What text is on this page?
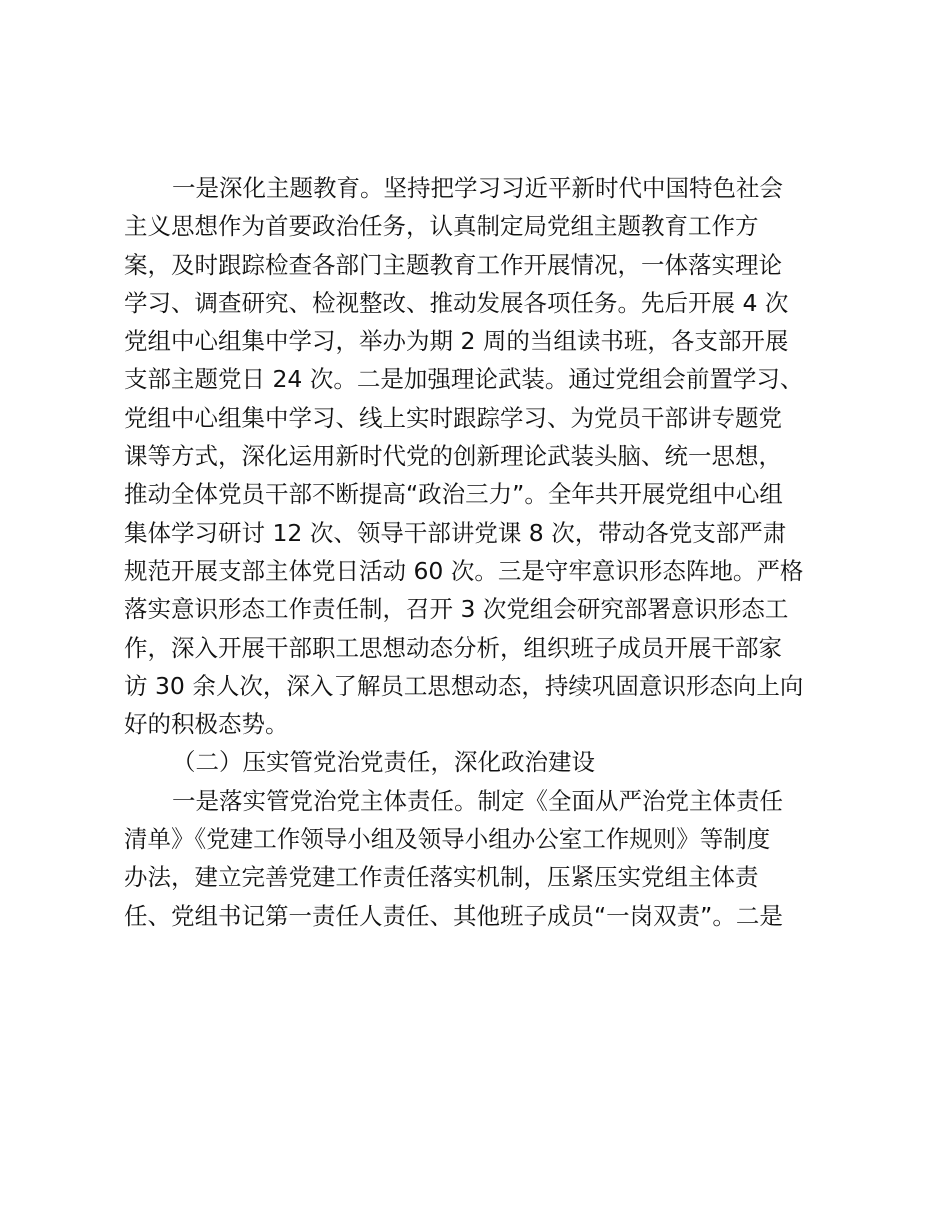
一是深化主题教育。坚持把学习习近平新时代中国特色社会
主义思想作为首要政治任务，认真制定局党组主题教育工作方
案，及时跟踪检查各部门主题教育工作开展情况，一体落实理论
学习、调查研究、检视整改、推动发展各项任务。先后开展 4 次
党组中心组集中学习，举办为期 2 周的当组读书班，各支部开展
支部主题党日 24 次。二是加强理论武装。通过党组会前置学习、
党组中心组集中学习、线上实时跟踪学习、为党员干部讲专题党
课等方式，深化运用新时代党的创新理论武装头脑、统一思想，
推动全体党员干部不断提高“政治三力”。全年共开展党组中心组
集体学习研讨 12 次、领导干部讲党课 8 次，带动各党支部严肃
规范开展支部主体党日活动 60 次。三是守牢意识形态阵地。严格
落实意识形态工作责任制，召开 3 次党组会研究部署意识形态工
作，深入开展干部职工思想动态分析，组织班子成员开展干部家
访 30 余人次，深入了解员工思想动态，持续巩固意识形态向上向
好的积极态势。
（二）压实管党治党责任，深化政治建设
一是落实管党治党主体责任。制定《全面从严治党主体责任
清单》《党建工作领导小组及领导小组办公室工作规则》等制度
办法，建立完善党建工作责任落实机制，压紧压实党组主体责
任、党组书记第一责任人责任、其他班子成员“一岗双责”。二是
